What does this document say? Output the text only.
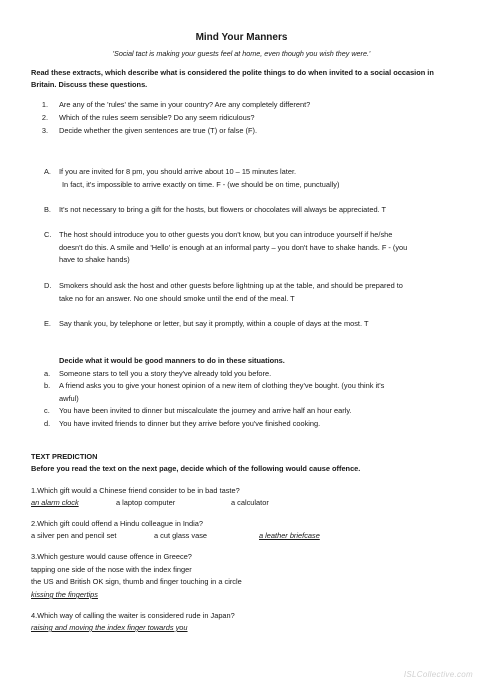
Mind Your Manners
'Social tact is making your guests feel at home, even though you wish they were.'
Read these extracts, which describe what is considered the polite things to do when invited to a social occasion in
Britain. Discuss these questions.
1. Are any of the 'rules' the same in your country? Are any completely different?
2. Which of the rules seem sensible? Do any seem ridiculous?
3. Decide whether the given sentences are true (T) or false (F).
A. If you are invited for 8 pm, you should arrive about 10 – 15 minutes later.
In fact, it's impossible to arrive exactly on time. F - (we should be on time, punctually)
B. It's not necessary to bring a gift for the hosts, but flowers or chocolates will always be appreciated. T
C. The host should introduce you to other guests you don't know, but you can introduce yourself if he/she
doesn't do this. A smile and 'Hello' is enough at an informal party – you don't have to shake hands. F - (you
have to shake hands)
D. Smokers should ask the host and other guests before lightning up at the table, and should be prepared to
take no for an answer. No one should smoke until the end of the meal. T
E. Say thank you, by telephone or letter, but say it promptly, within a couple of days at the most. T
Decide what it would be good manners to do in these situations.
a. Someone stars to tell you a story they've already told you before.
b. A friend asks you to give your honest opinion of a new item of clothing they've bought. (you think it's
awful)
c. You have been invited to dinner but miscalculate the journey and arrive half an hour early.
d. You have invited friends to dinner but they arrive before you've finished cooking.
TEXT PREDICTION
Before you read the text on the next page, decide which of the following would cause offence.
1.Which gift would a Chinese friend consider to be in bad taste?
an alarm clock	a laptop computer	a calculator
2.Which gift could offend a Hindu colleague in India?
a silver pen and pencil set	a cut glass vase	a leather briefcase
3.Which gesture would cause offence in Greece?
tapping one side of the nose with the index finger
the US and British OK sign, thumb and finger touching in a circle
kissing the fingertips
4.Which way of calling the waiter is considered rude in Japan?
raising and moving the index finger towards you
ISLCollective.com
